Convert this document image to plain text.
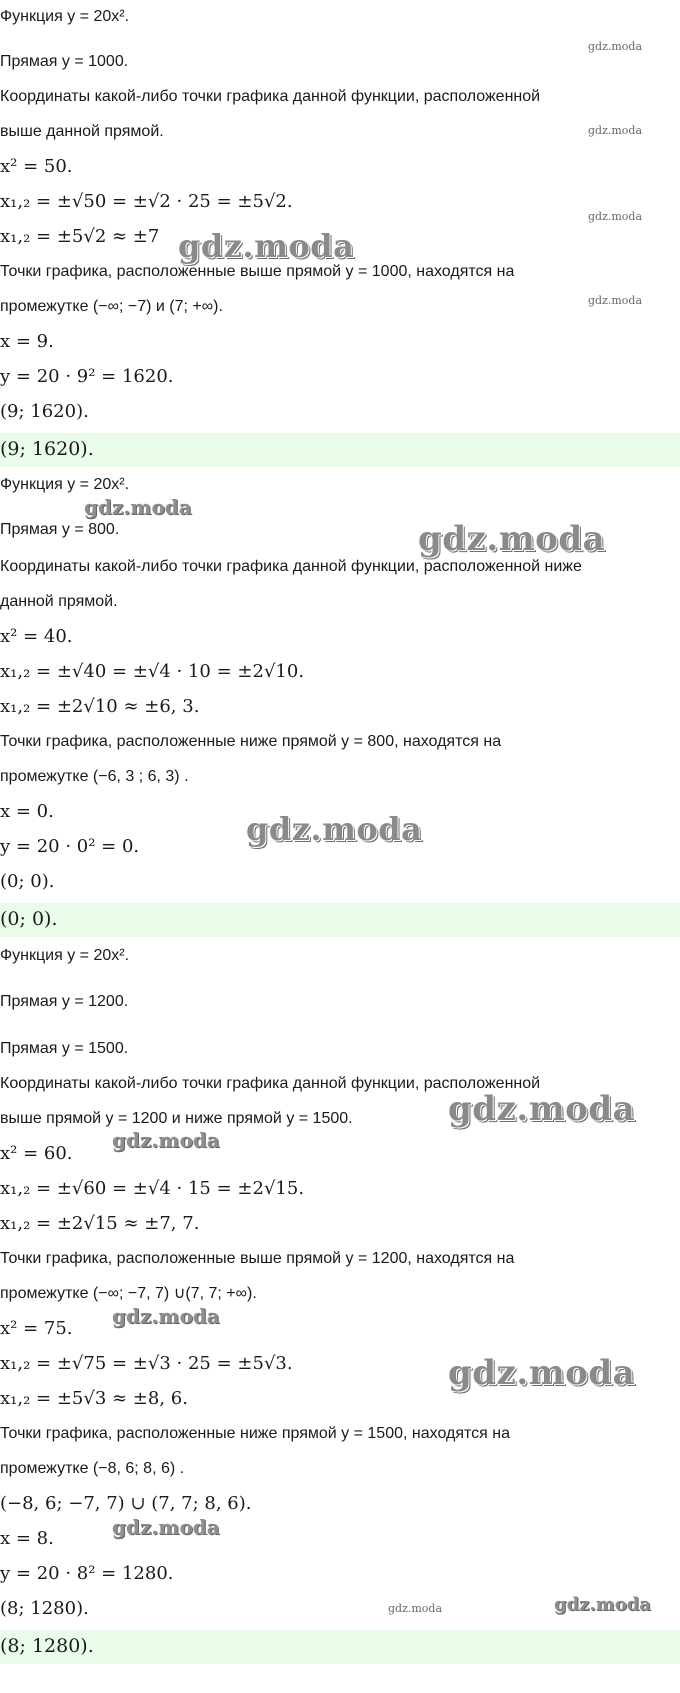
Функция y = 20x².
Прямая y = 1000.
Координаты какой-либо точки графика данной функции, расположенной
выше данной прямой.
x² = 50.
x₁,₂ = ±√50 = ±√2 · 25 = ±5√2.
x₁,₂ = ±5√2 ≈ ±7
Точки графика, расположенные выше прямой y = 1000, находятся на
промежутке (−∞; −7) и (7; +∞).
x = 9.
y = 20 · 9² = 1620.
(9; 1620).
(9; 1620).
Функция y = 20x².
Прямая y = 800.
Координаты какой-либо точки графика данной функции, расположенной ниже
данной прямой.
x² = 40.
x₁,₂ = ±√40 = ±√4 · 10 = ±2√10.
x₁,₂ = ±2√10 ≈ ±6, 3.
Точки графика, расположенные ниже прямой y = 800, находятся на
промежутке (−6, 3 ; 6, 3) .
x = 0.
y = 20 · 0² = 0.
(0; 0).
(0; 0).
Функция y = 20x².
Прямая y = 1200.
Прямая y = 1500.
Координаты какой-либо точки графика данной функции, расположенной
выше прямой y = 1200 и ниже прямой y = 1500.
x² = 60.
x₁,₂ = ±√60 = ±√4 · 15 = ±2√15.
x₁,₂ = ±2√15 ≈ ±7, 7.
Точки графика, расположенные выше прямой y = 1200, находятся на
промежутке (−∞; −7, 7) ∪(7, 7; +∞).
x² = 75.
x₁,₂ = ±√75 = ±√3 · 25 = ±5√3.
x₁,₂ = ±5√3 ≈ ±8, 6.
Точки графика, расположенные ниже прямой y = 1500, находятся на
промежутке (−8, 6; 8, 6) .
(−8, 6; −7, 7) ∪ (7, 7; 8, 6).
x = 8.
y = 20 · 8² = 1280.
(8; 1280).
(8; 1280).
gdz.moda
gdz.moda
gdz.moda
gdz.moda
gdz.moda
gdz.moda
gdz.moda
gdz.moda
gdz.moda
gdz.moda
gdz.moda
gdz.moda
gdz.moda
gdz.moda	gdz.moda
